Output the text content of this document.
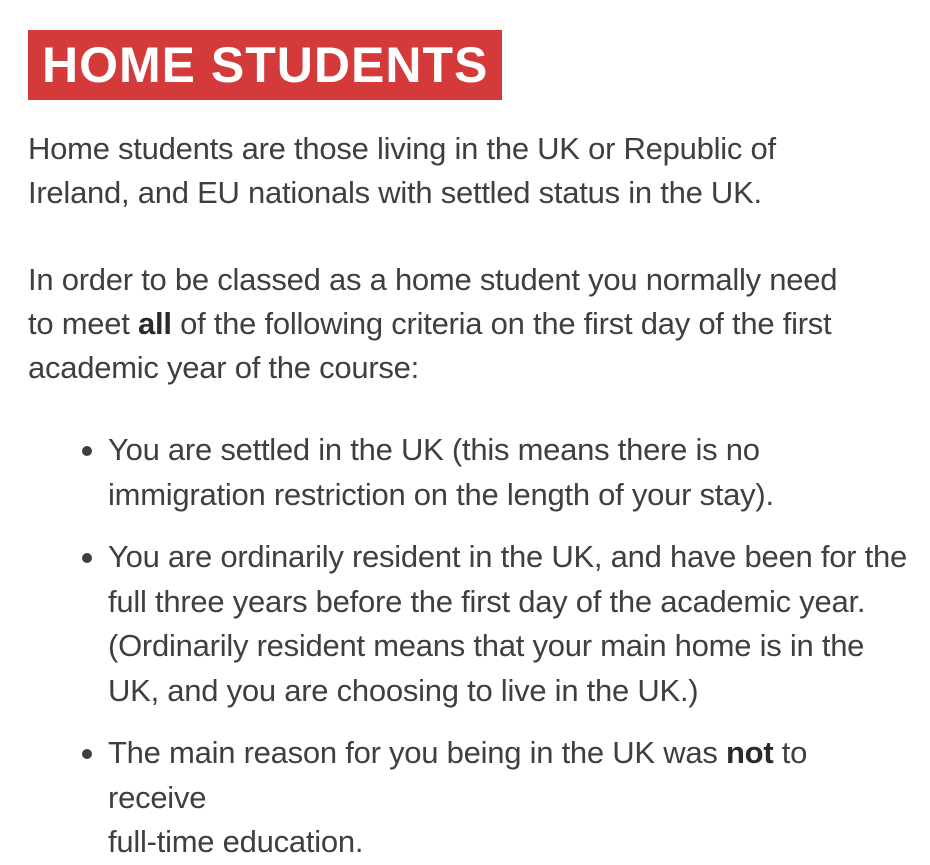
HOME STUDENTS

Home students are those living in the UK or Republic of
Ireland, and EU nationals with settled status in the UK.

In order to be classed as a home student you normally need
to meet all of the following criteria on the first day of the first
academic year of the course:

You are settled in the UK (this means there is no
immigration restriction on the length of your stay).
You are ordinarily resident in the UK, and have been for the
full three years before the first day of the academic year.
(Ordinarily resident means that your main home is in the
UK, and you are choosing to live in the UK.)
The main reason for you being in the UK was not to receive
full-time education.
